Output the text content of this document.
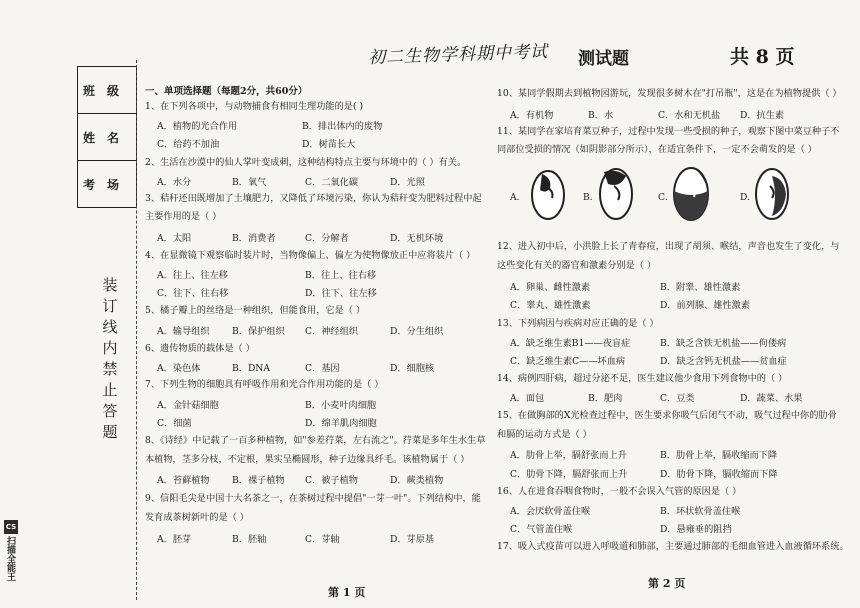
初二生物学科期中考试 测试题	共 8 页
班级
姓名
考场
装
订
线
内
禁
止
答
题
一、单项选择题（每题2分，共60分）
1、在下列各项中，与动物捕食有相同生理功能的是( )
A．植物的光合作用	B．排出体内的废物
C．给药不加油	D．树苗长大
2、生活在沙漠中的仙人掌叶变成刺，这种结构特点主要与环境中的（ ）有关。
A．水分	B．氧气	C．二氧化碳	D．光照
3、秸秆还田既增加了土壤肥力，又降低了环境污染，你认为秸秆变为肥料过程中起
主要作用的是（ ）
A．太阳	B．消费者	C．分解者	D．无机环境
4、在显微镜下观察临时装片时，当物像偏上、偏左为使物像放正中应将装片（ ）
A．往上、往左移	B．往上、往右移
C．往下、往右移	D．往下、往左移
5、橘子瓣上的丝络是一种组织，但能食用，它是（ ）
A．输导组织 B．保护组织 C．神经组织	D．分生组织
6、遗传物质的载体是（ ）
A．染色体	B．DNA	C．基因	D．细胞核
7、下列生物的细胞具有呼吸作用和光合作用功能的是（ ）
A．金针菇细胞	B．小麦叶肉细胞
C．细菌	D．绵羊肌肉细胞
8、《诗经》中记载了一百多种植物，如"参差荇菜，左右流之"。荇菜是多年生水生草
本植物，茎多分枝，不定根，果实呈椭圆形，种子边缘具纤毛。该植物属于（ ）
A．苔藓植物 B．裸子植物 C．被子植物	D．蕨类植物
9、信阳毛尖是中国十大名茶之一，在茶树过程中提倡"一芽一叶"。下列结构中，能
发育成茶树新叶的是（ ）
A．胚芽	B．胚轴	C．芽轴	D．芽原基
第 1 页
10、某同学假期去到植物园游玩，发现很多树木在"打吊瓶"，这是在为植物提供（ ）
A．有机物	B．水	C．水和无机盐 D．抗生素
11、某同学在家培育菜豆种子，过程中发现一些受损的种子，观察下图中菜豆种子不
同部位受损的情况（如阴影部分所示），在适宜条件下，一定不会萌发的是（ ）
A.	B.	C.	D.
12、进入初中后，小洪脸上长了青春痘，出现了胡须、喉结，声音也发生了变化，与
这些变化有关的器官和激素分别是（ ）
A．卵巢、雌性激素	B．附睾、雄性激素
C．睾丸、雄性激素	D．前列腺、雄性激素
13、下列病因与疾病对应正确的是（ ）
A．缺乏维生素B1——夜盲症	B．缺乏含铁无机盐——佝偻病
C．缺乏维生素C——坏血病	D．缺乏含钙无机盐——贫血症
14、病例四肝病，超过分泌不足，医生建议他少食用下列食物中的（ ）
A．面包	B．肥肉	C．豆类	D．蔬菜、水果
15、在做胸部的X光检查过程中，医生要求你吸气后闭气不动，吸气过程中你的肋骨
和膈的运动方式是（ ）
A．肋骨上举，膈舒张而上升	B．肋骨上举，膈收缩而下降
C．肋骨下降，膈舒张而上升	D．肋骨下降，膈收缩而下降
16、人在进食吞咽食物时，一般不会误入气管的原因是（ ）
A．会厌软骨盖住喉	B．环状软骨盖住喉
C．气管盖住喉	D．悬雍垂的阻挡
17、吸入式疫苗可以进入呼吸道和肺部，主要通过肺部的毛细血管进入血液循环系统。
第 2 页
CS
扫描全能王
